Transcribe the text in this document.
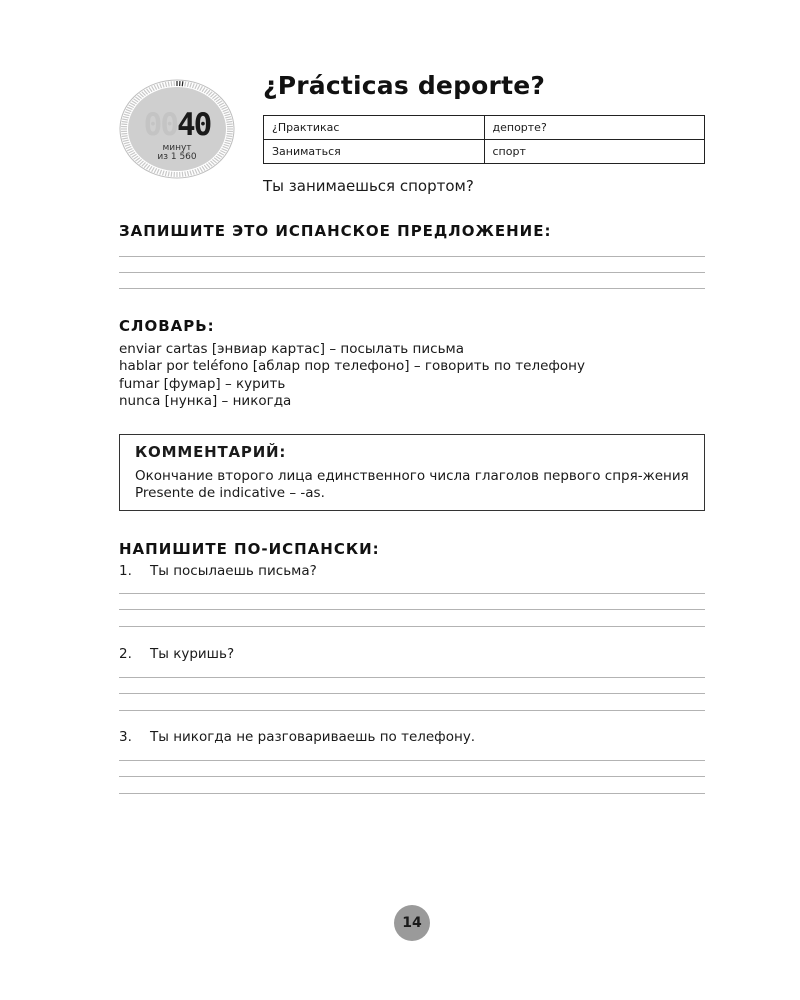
0040
минут
из 1 560
¿Prácticas deporte?
¿Практикас	депорте?
Заниматься	спорт
Ты занимаешься спортом?
ЗАПИШИТЕ ЭТО ИСПАНСКОЕ ПРЕДЛОЖЕНИЕ:
СЛОВАРЬ:
enviar cartas [энвиар картас] – посылать письма
hablar por teléfono [аблар пор телефоно] – говорить по телефону
fumar [фумар] – курить
nunca [нунка] – никогда
КОММЕНТАРИЙ:
Окончание второго лица единственного числа глаголов первого спря-жения Presente de indicative – -as.
НАПИШИТЕ ПО-ИСПАНСКИ:
1. Ты посылаешь письма?
2. Ты куришь?
3. Ты никогда не разговариваешь по телефону.
14
